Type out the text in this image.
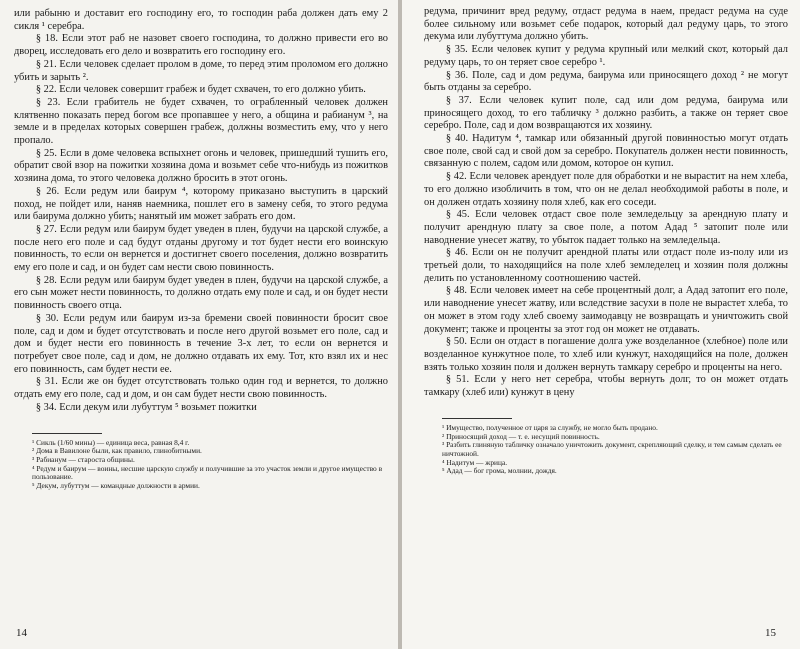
или рабыню и доставит его господину его, то господин раба должен дать ему 2 сикля ¹ серебра.

§ 18. Если этот раб не назовет своего господина, то должно привести его во дворец, исследовать его дело и возвратить его господину его.

§ 21. Если человек сделает пролом в доме, то перед этим проломом его должно убить и зарыть ².

§ 22. Если человек совершит грабеж и будет схвачен, то его должно убить.

§ 23. Если грабитель не будет схвачен, то ограбленный человек должен клятвенно показать перед богом все пропавшее у него, а община и рабианум ³, на земле и в пределах которых совершен грабеж, должны возместить ему, что у него пропало.

§ 25. Если в доме человека вспыхнет огонь и человек, пришедший тушить его, обратит свой взор на пожитки хозяина дома и возьмет себе что-нибудь из пожитков хозяина дома, то этого человека должно бросить в этот огонь.

§ 26. Если редум или баирум ⁴, которому приказано выступить в царский поход, не пойдет или, наняв наемника, пошлет его в замену себя, то этого редума или баирума должно убить; нанятый им может забрать его дом.

§ 27. Если редум или баирум будет уведен в плен, будучи на царской службе, а после него его поле и сад будут отданы другому и тот будет нести его воинскую повинность, то если он вернется и достигнет своего поселения, должно возвратить ему его поле и сад, и он будет сам нести свою повинность.

§ 28. Если редум или баирум будет уведен в плен, будучи на царской службе, а его сын может нести повинность, то должно отдать ему поле и сад, и он будет нести повинность своего отца.

§ 30. Если редум или баирум из-за бремени своей повинности бросит свое поле, сад и дом и будет отсутствовать и после него другой возьмет его поле, сад и дом и будет нести его повинность в течение 3-х лет, то если он вернется и потребует свое поле, сад и дом, не должно отдавать их ему. Тот, кто взял их и нес его повинность, сам будет нести ее.

§ 31. Если же он будет отсутствовать только один год и вернется, то должно отдать ему его поле, сад и дом, и он сам будет нести свою повинность.

§ 34. Если декум или лубуттум ⁵ возьмет пожитки

¹ Сикль (1/60 мины) — единица веса, равная 8,4 г.
² Дома в Вавилоне были, как правило, глинобитными.
³ Рабианум — староста общины.
⁴ Редум и баирум — воины, несшие царскую службу и получившие за это участок земли и другое имущество в пользование.
⁵ Декум, лубуттум — командные должности в армии.
14

редума, причинит вред редуму, отдаст редума в наем, предаст редума на суде более сильному или возьмет себе подарок, который дал редуму царь, то этого декума или лубуттума должно убить.

§ 35. Если человек купит у редума крупный или мелкий скот, который дал редуму царь, то он теряет свое серебро ¹.

§ 36. Поле, сад и дом редума, баирума или приносящего доход ² не могут быть отданы за серебро.

§ 37. Если человек купит поле, сад или дом редума, баирума или приносящего доход, то его табличку ³ должно разбить, а также он теряет свое серебро. Поле, сад и дом возвращаются их хозяину.

§ 40. Надитум ⁴, тамкар или обязанный другой повинностью могут отдать свое поле, свой сад и свой дом за серебро. Покупатель должен нести повинность, связанную с полем, садом или домом, которое он купил.

§ 42. Если человек арендует поле для обработки и не вырастит на нем хлеба, то его должно изобличить в том, что он не делал необходимой работы в поле, и он должен отдать хозяину поля хлеб, как его соседи.

§ 45. Если человек отдаст свое поле земледельцу за арендную плату и получит арендную плату за свое поле, а потом Адад ⁵ затопит поле или наводнение унесет жатву, то убыток падает только на земледельца.

§ 46. Если он не получит арендной платы или отдаст поле из-полу или из третьей доли, то находящийся на поле хлеб земледелец и хозяин поля должны делить по установленному соотношению частей.

§ 48. Если человек имеет на себе процентный долг, а Адад затопит его поле, или наводнение унесет жатву, или вследствие засухи в поле не вырастет хлеба, то он может в этом году хлеб своему заимодавцу не возвращать и уничтожить свой документ; также и проценты за этот год он может не отдавать.

§ 50. Если он отдаст в погашение долга уже возделанное (хлебное) поле или возделанное кунжутное поле, то хлеб или кунжут, находящийся на поле, должен взять только хозяин поля и должен вернуть тамкару серебро и проценты на него.

§ 51. Если у него нет серебра, чтобы вернуть долг, то он может отдать тамкару (хлеб или) кунжут в цену

¹ Имущество, полученное от царя за службу, не могло быть продано.
² Приносящий доход — т. е. несущий повинность.
³ Разбить глиняную табличку означало уничтожить документ, скрепляющий сделку, и тем самым сделать ее ничтожной.
⁴ Надитум — жрица.
⁵ Адад — бог грома, молнии, дождя.
15
